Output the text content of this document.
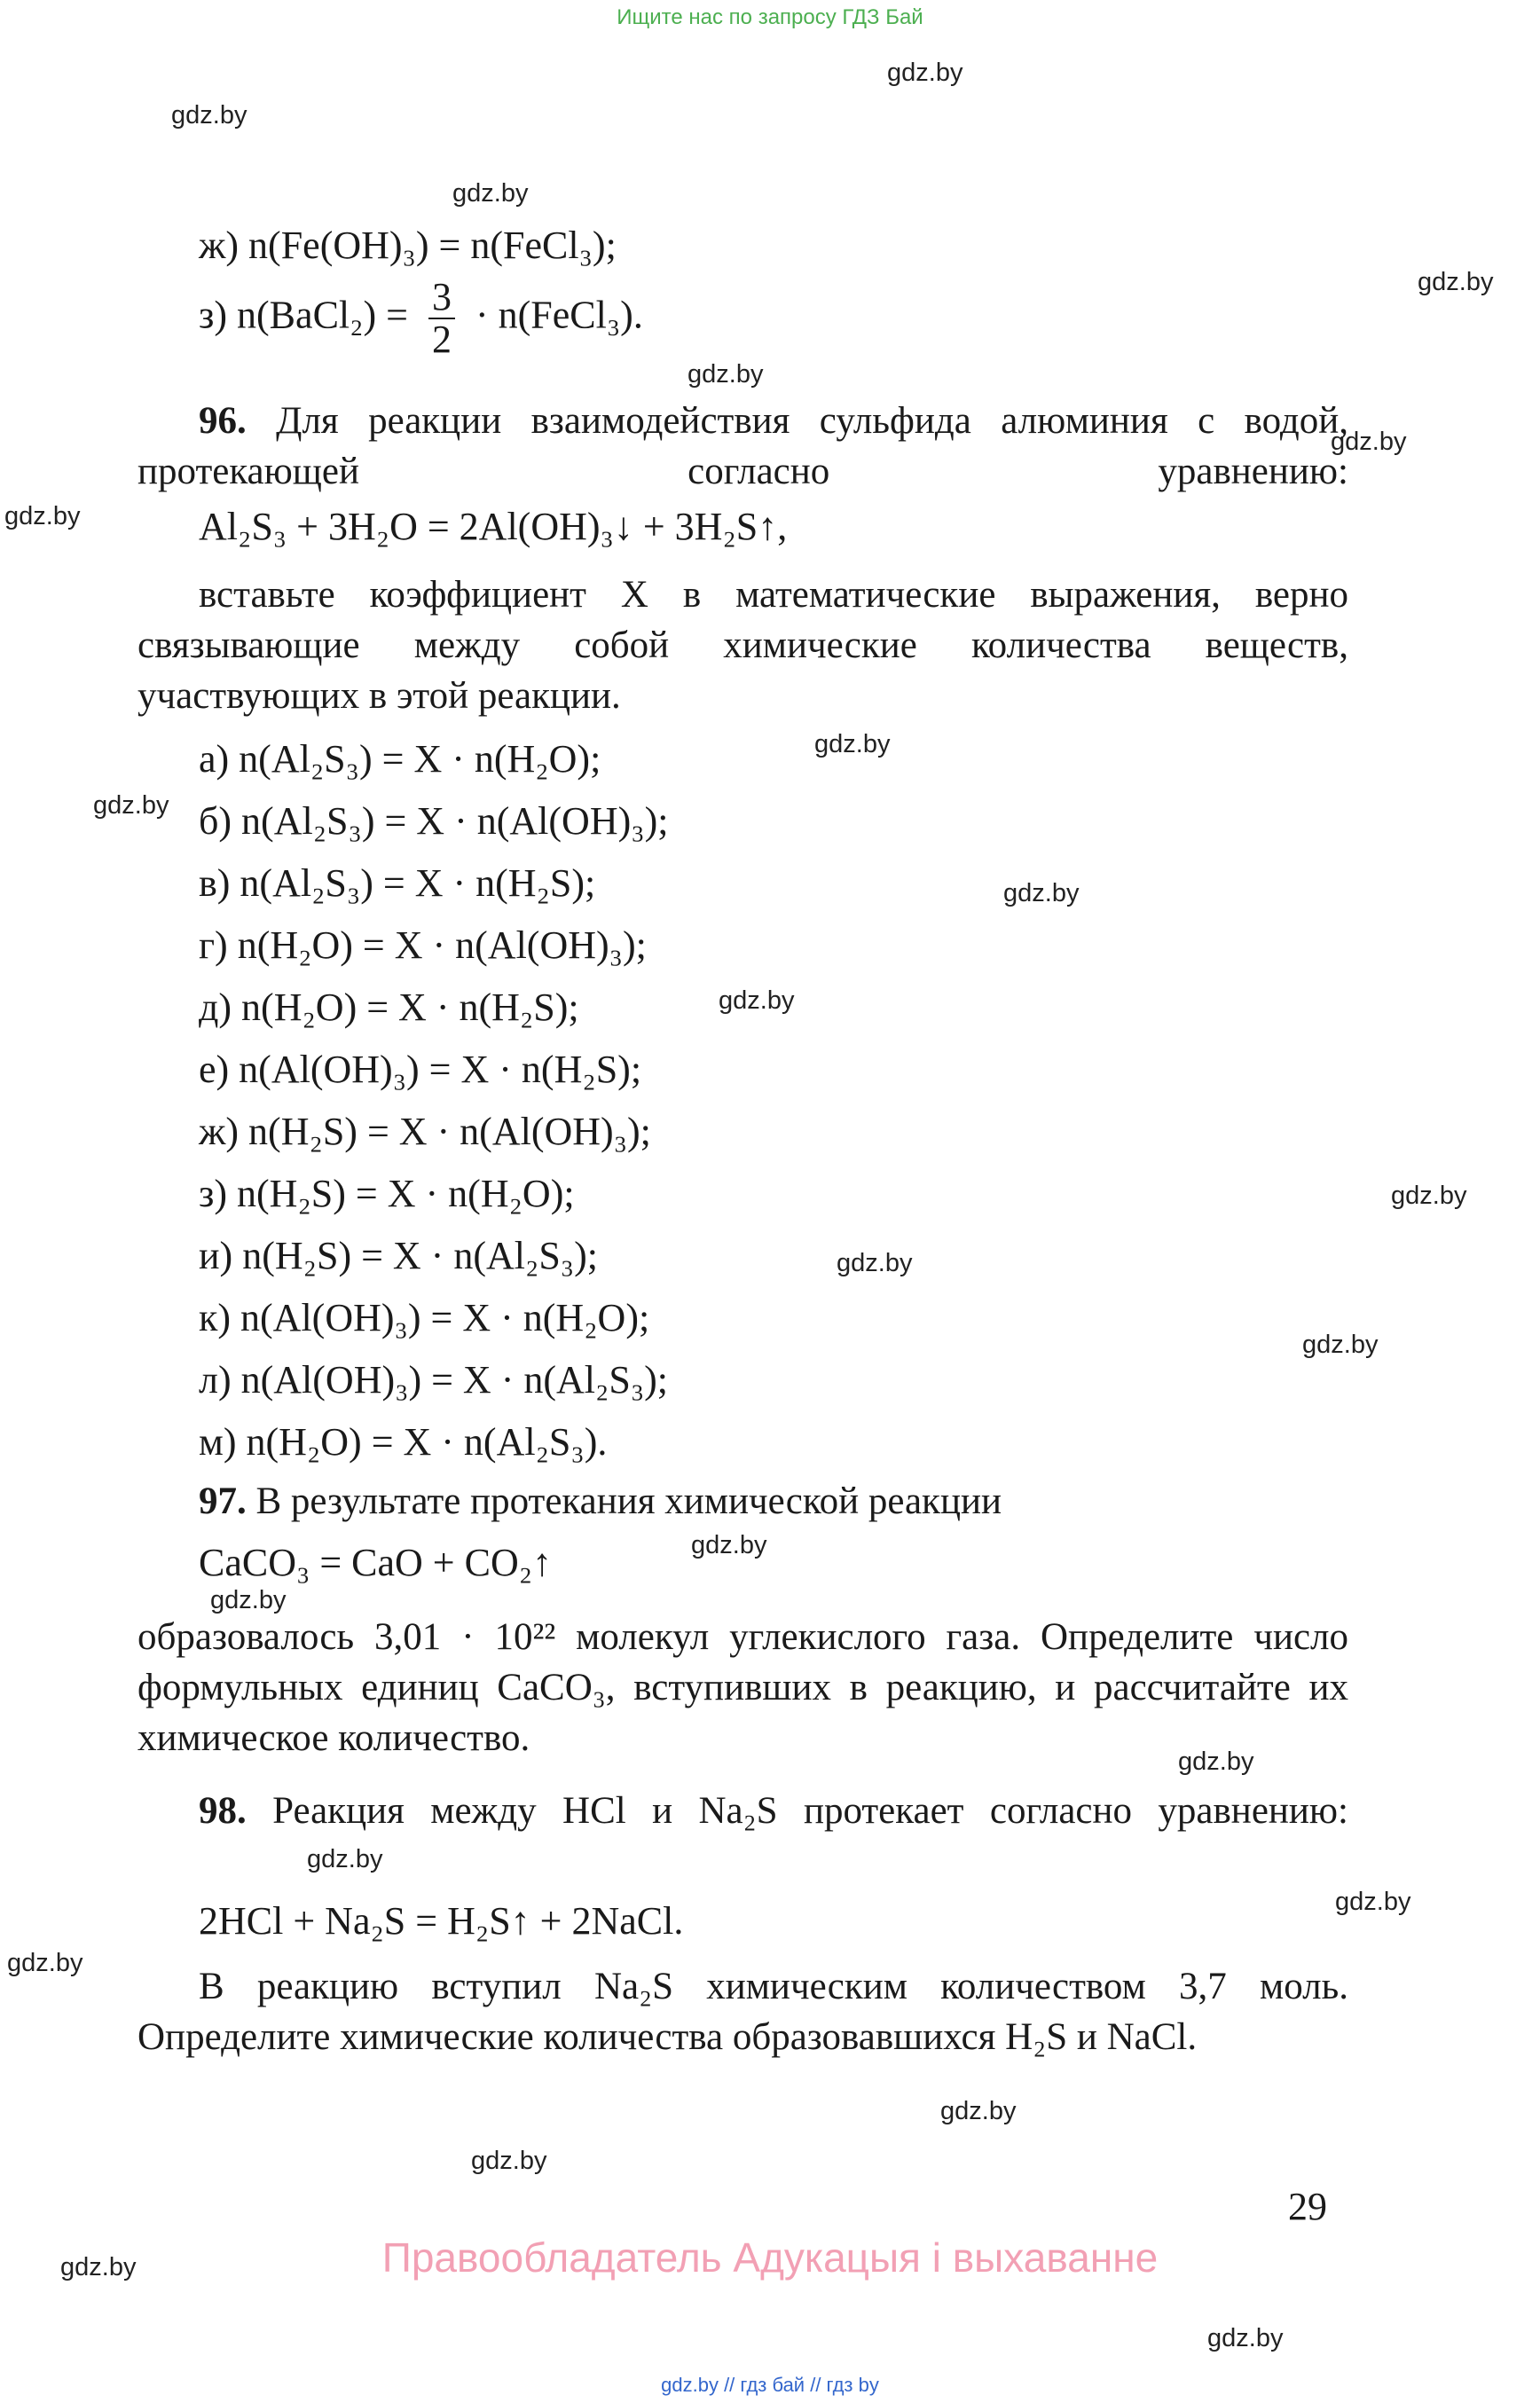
Ищите нас по запросу ГДЗ Бай
gdz.by
gdz.by
gdz.by
gdz.by
gdz.by
gdz.by
gdz.by
gdz.by
gdz.by
gdz.by
gdz.by
gdz.by
gdz.by
gdz.by
gdz.by
gdz.by
gdz.by
gdz.by
gdz.by
gdz.by
gdz.by
gdz.by
gdz.by
gdz.by
ж) n(Fe(OH)₃) = n(FeCl₃);
з) n(BaCl₂) = $\frac{3}{2}$ · n(FeCl₃).
96. Для реакции взаимодействия сульфида алюминия с водой, протекающей согласно уравнению:
Al₂S₃ + 3H₂O = 2Al(OH)₃↓ + 3H₂S↑,
вставьте коэффициент X в математические выражения, верно связывающие между собой химические количества веществ, участвующих в этой реакции.
а) n(Al₂S₃) = X · n(H₂O);
б) n(Al₂S₃) = X · n(Al(OH)₃);
в) n(Al₂S₃) = X · n(H₂S);
г) n(H₂O) = X · n(Al(OH)₃);
д) n(H₂O) = X · n(H₂S);
е) n(Al(OH)₃) = X · n(H₂S);
ж) n(H₂S) = X · n(Al(OH)₃);
з) n(H₂S) = X · n(H₂O);
и) n(H₂S) = X · n(Al₂S₃);
к) n(Al(OH)₃) = X · n(H₂O);
л) n(Al(OH)₃) = X · n(Al₂S₃);
м) n(H₂O) = X · n(Al₂S₃).
97. В результате протекания химической реакции
CaCO₃ = CaO + CO₂↑
образовалось 3,01 · 10²² молекул углекислого газа. Определите число формульных единиц CaCO₃, вступивших в реакцию, и рассчитайте их химическое количество.
98. Реакция между HCl и Na₂S протекает согласно уравнению:
2HCl + Na₂S = H₂S↑ + 2NaCl.
В реакцию вступил Na₂S химическим количеством 3,7 моль. Определите химические количества образовавшихся H₂S и NaCl.
29
Правообладатель Адукацыя і выхаванне
gdz.by // гдз бай // гдз by
